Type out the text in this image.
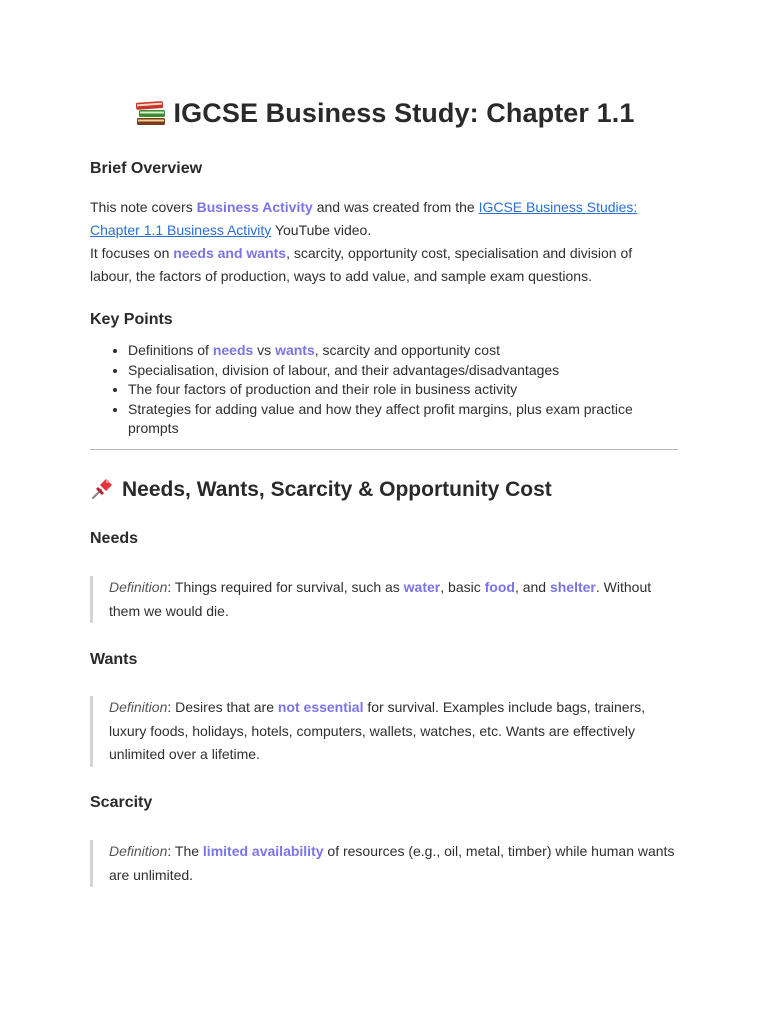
IGCSE Business Study: Chapter 1.1
Brief Overview
This note covers Business Activity and was created from the IGCSE Business Studies: Chapter 1.1 Business Activity YouTube video.
It focuses on needs and wants, scarcity, opportunity cost, specialisation and division of labour, the factors of production, ways to add value, and sample exam questions.
Key Points
• Definitions of needs vs wants, scarcity and opportunity cost
• Specialisation, division of labour, and their advantages/disadvantages
• The four factors of production and their role in business activity
• Strategies for adding value and how they affect profit margins, plus exam practice prompts
Needs, Wants, Scarcity & Opportunity Cost
Needs
Definition: Things required for survival, such as water, basic food, and shelter. Without them we would die.
Wants
Definition: Desires that are not essential for survival. Examples include bags, trainers, luxury foods, holidays, hotels, computers, wallets, watches, etc. Wants are effectively unlimited over a lifetime.
Scarcity
Definition: The limited availability of resources (e.g., oil, metal, timber) while human wants are unlimited.
